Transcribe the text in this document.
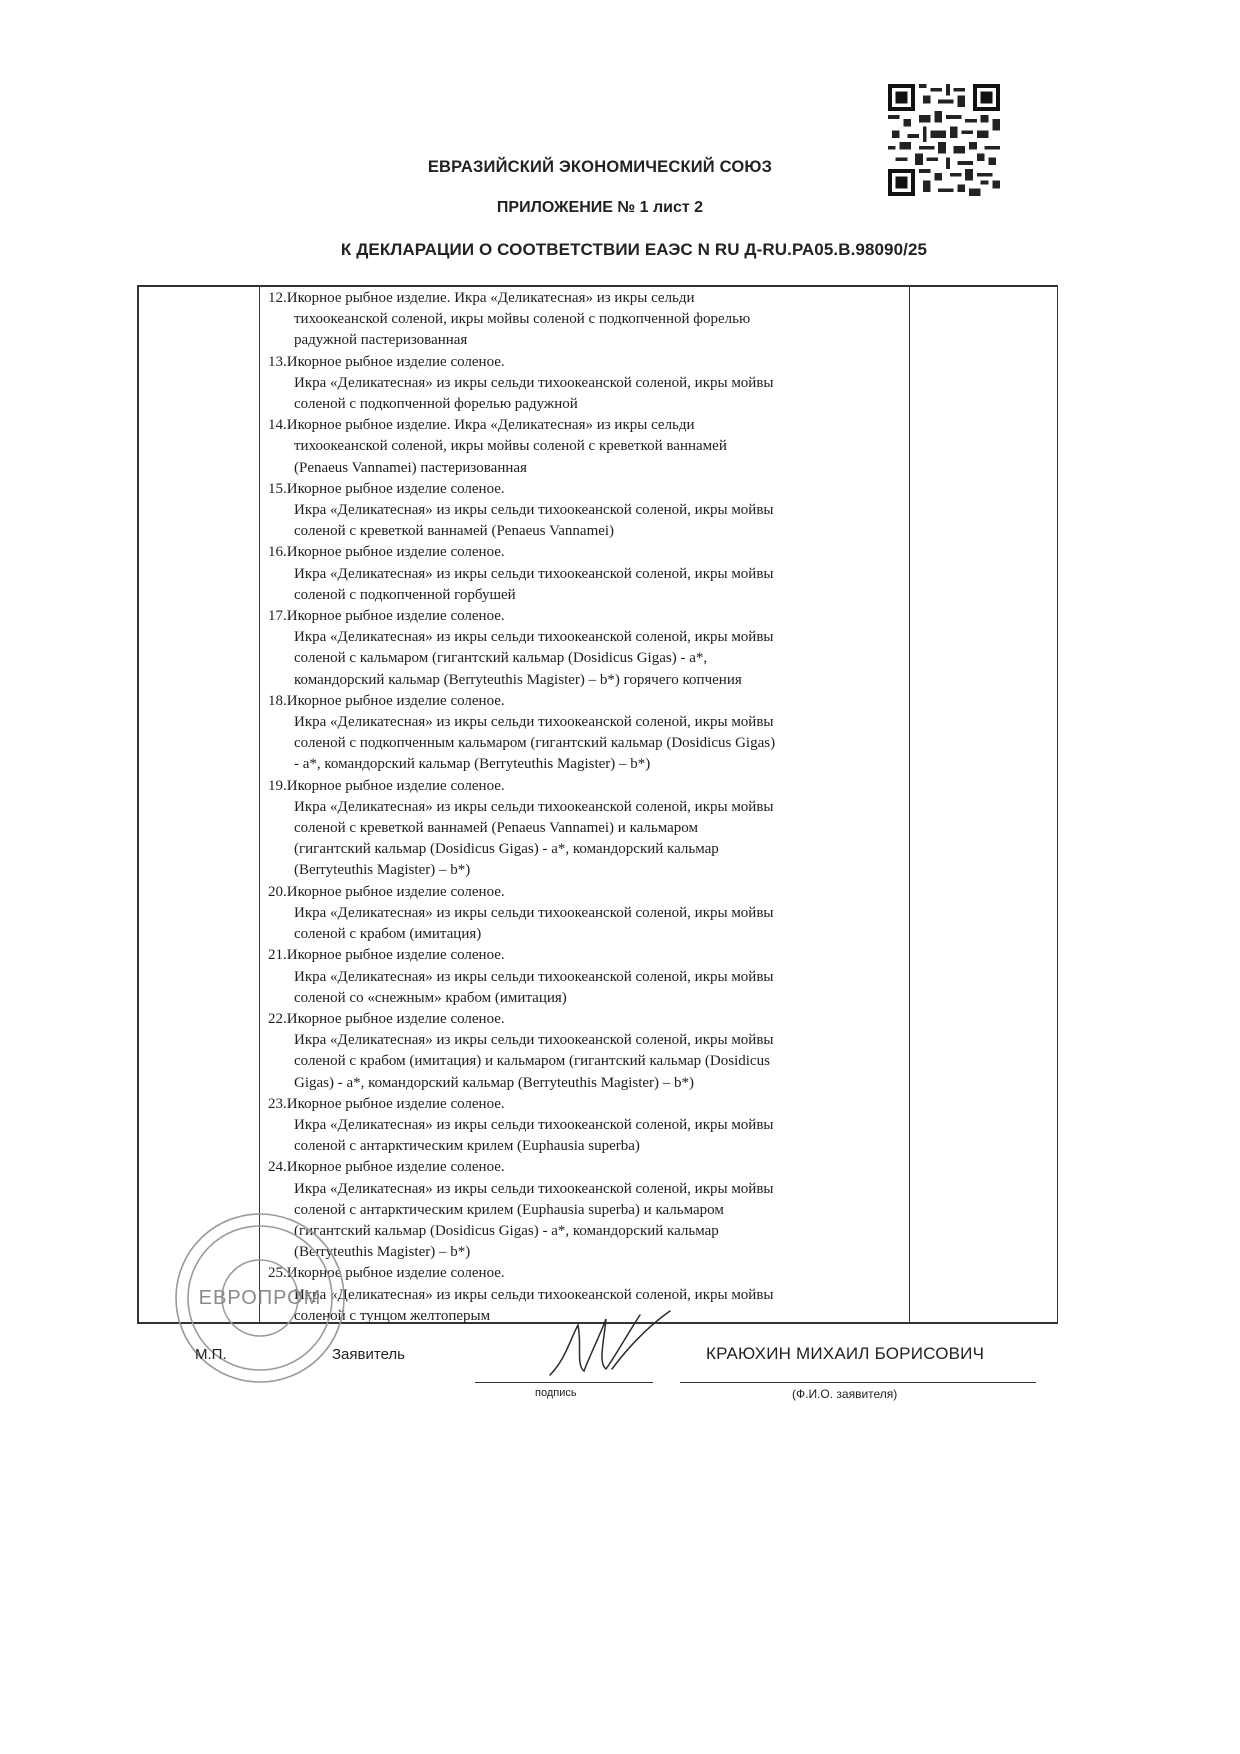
ЕВРАЗИЙСКИЙ ЭКОНОМИЧЕСКИЙ СОЮЗ
ПРИЛОЖЕНИЕ № 1 лист 2
К ДЕКЛАРАЦИИ О СООТВЕТСТВИИ ЕАЭС N RU Д-RU.РА05.В.98090/25
12.Икорное рыбное изделие. Икра «Деликатесная» из икры сельди
тихоокеанской соленой, икры мойвы соленой с подкопченной форелью
радужной пастеризованная
13.Икорное рыбное изделие соленое.
Икра «Деликатесная» из икры сельди тихоокеанской соленой, икры мойвы
соленой с подкопченной форелью радужной
14.Икорное рыбное изделие. Икра «Деликатесная» из икры сельди
тихоокеанской соленой, икры мойвы соленой с креветкой ваннамей
(Penaeus Vannamei) пастеризованная
15.Икорное рыбное изделие соленое.
Икра «Деликатесная» из икры сельди тихоокеанской соленой, икры мойвы
соленой с креветкой ваннамей (Penaeus Vannamei)
16.Икорное рыбное изделие соленое.
Икра «Деликатесная» из икры сельди тихоокеанской соленой, икры мойвы
соленой с подкопченной горбушей
17.Икорное рыбное изделие соленое.
Икра «Деликатесная» из икры сельди тихоокеанской соленой, икры мойвы
соленой с кальмаром (гигантский кальмар (Dosidicus Gigas) - а*,
командорский кальмар (Berryteuthis Magister) – b*) горячего копчения
18.Икорное рыбное изделие соленое.
Икра «Деликатесная» из икры сельди тихоокеанской соленой, икры мойвы
соленой с подкопченным кальмаром (гигантский кальмар (Dosidicus Gigas)
- а*, командорский кальмар (Berryteuthis Magister) – b*)
19.Икорное рыбное изделие соленое.
Икра «Деликатесная» из икры сельди тихоокеанской соленой, икры мойвы
соленой с креветкой ваннамей (Penaeus Vannamei) и кальмаром
(гигантский кальмар (Dosidicus Gigas) - а*, командорский кальмар
(Berryteuthis Magister) – b*)
20.Икорное рыбное изделие соленое.
Икра «Деликатесная» из икры сельди тихоокеанской соленой, икры мойвы
соленой с крабом (имитация)
21.Икорное рыбное изделие соленое.
Икра «Деликатесная» из икры сельди тихоокеанской соленой, икры мойвы
соленой со «снежным» крабом (имитация)
22.Икорное рыбное изделие соленое.
Икра «Деликатесная» из икры сельди тихоокеанской соленой, икры мойвы
соленой с крабом (имитация) и кальмаром (гигантский кальмар (Dosidicus
Gigas) - а*, командорский кальмар (Berryteuthis Magister) – b*)
23.Икорное рыбное изделие соленое.
Икра «Деликатесная» из икры сельди тихоокеанской соленой, икры мойвы
соленой с антарктическим крилем (Euphausia superba)
24.Икорное рыбное изделие соленое.
Икра «Деликатесная» из икры сельди тихоокеанской соленой, икры мойвы
соленой с антарктическим крилем (Euphausia superba) и кальмаром
(гигантский кальмар (Dosidicus Gigas) - а*, командорский кальмар
(Berryteuthis Magister) – b*)
25.Икорное рыбное изделие соленое.
Икра «Деликатесная» из икры сельди тихоокеанской соленой, икры мойвы
соленой с тунцом желтоперым
ЕВРОПРОМ
М.П.	Заявитель	КРАЮХИН МИХАИЛ БОРИСОВИЧ
подпись	(Ф.И.О. заявителя)
